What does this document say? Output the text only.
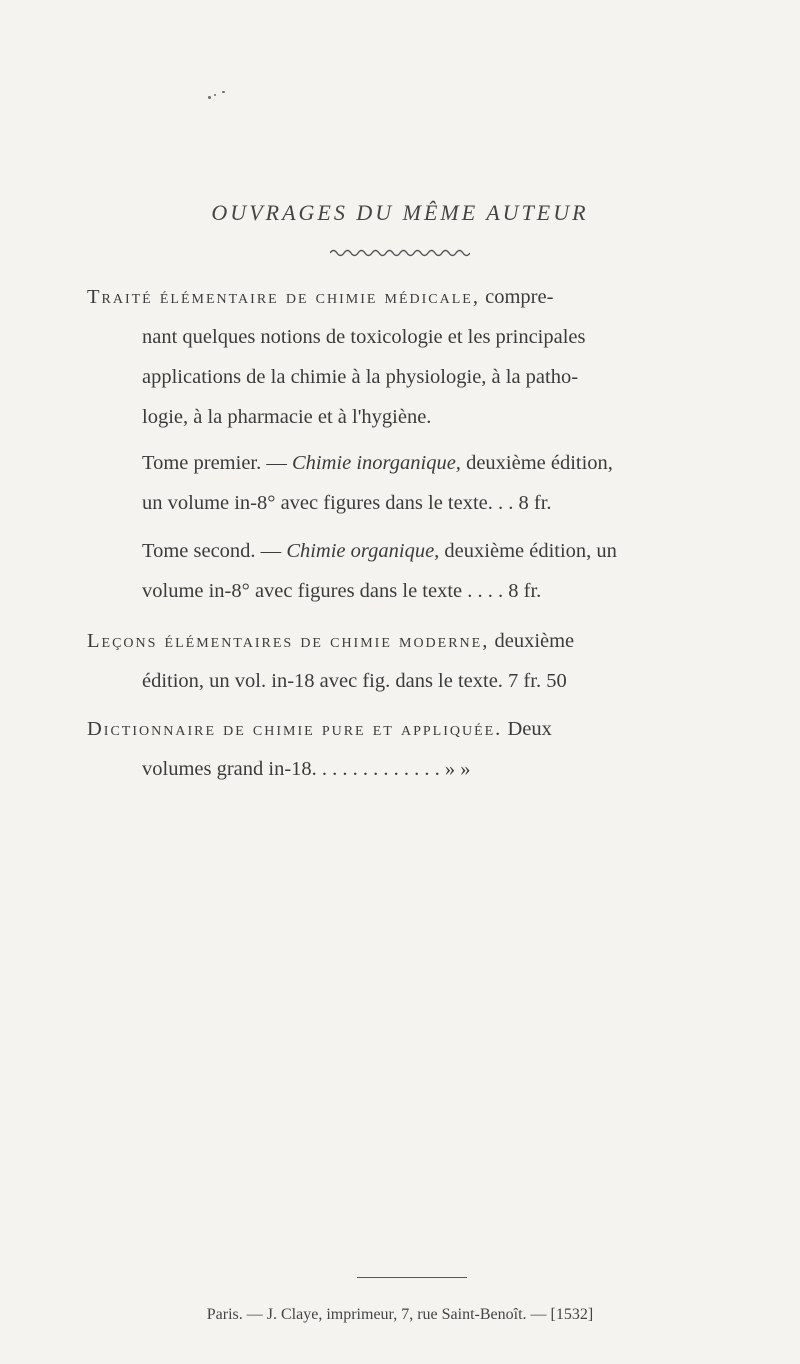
OUVRAGES DU MÊME AUTEUR
Traité élémentaire de chimie médicale, compre-
nant quelques notions de toxicologie et les principales
applications de la chimie à la physiologie, à la patho-
logie, à la pharmacie et à l'hygiène.
Tome premier. — Chimie inorganique, deuxième édition,
un volume in-8° avec figures dans le texte. . . 8 fr.
Tome second. — Chimie organique, deuxième édition, un
volume in-8° avec figures dans le texte . . . . 8 fr.
Leçons élémentaires de chimie moderne, deuxième
édition, un vol. in-18 avec fig. dans le texte. 7 fr. 50
Dictionnaire de chimie pure et appliquée. Deux
volumes grand in-18. . . . . . . . . . . . . » »
Paris. — J. Claye, imprimeur, 7, rue Saint-Benoît. — [1532]
